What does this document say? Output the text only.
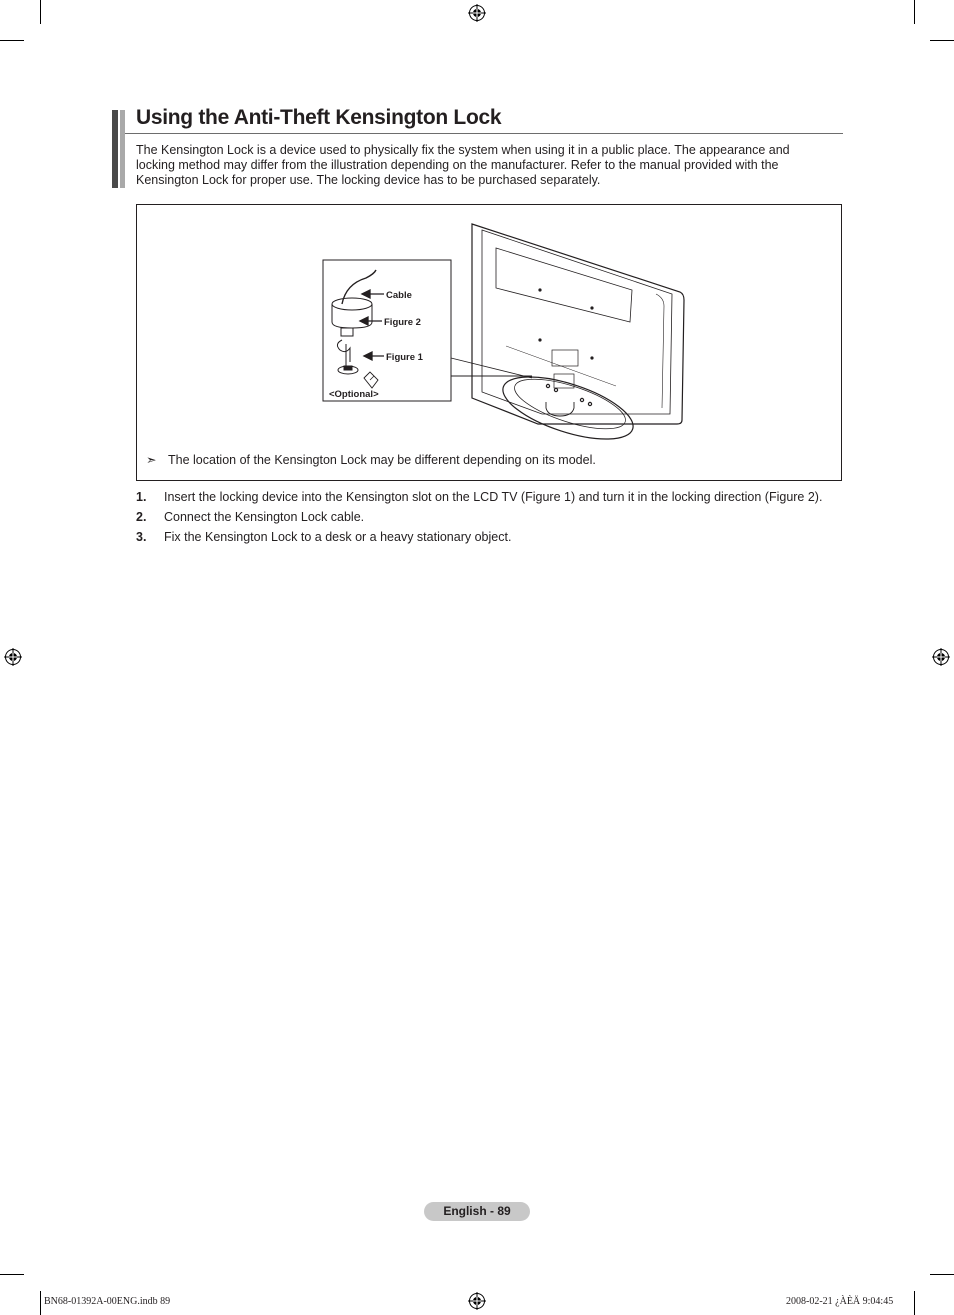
Using the Anti-Theft Kensington Lock
The Kensington Lock is a device used to physically fix the system when using it in a public place. The appearance and locking method may differ from the illustration depending on the manufacturer. Refer to the manual provided with the Kensington Lock for proper use. The locking device has to be purchased separately.
Cable
Figure 2
Figure 1
<Optional>
➣ The location of the Kensington Lock may be different depending on its model.
1. Insert the locking device into the Kensington slot on the LCD TV (Figure 1) and turn it in the locking direction (Figure 2).
2. Connect the Kensington Lock cable.
3. Fix the Kensington Lock to a desk or a heavy stationary object.
English - 89
BN68-01392A-00ENG.indb 89	2008-02-21 ¿ÀÈÄ 9:04:45
